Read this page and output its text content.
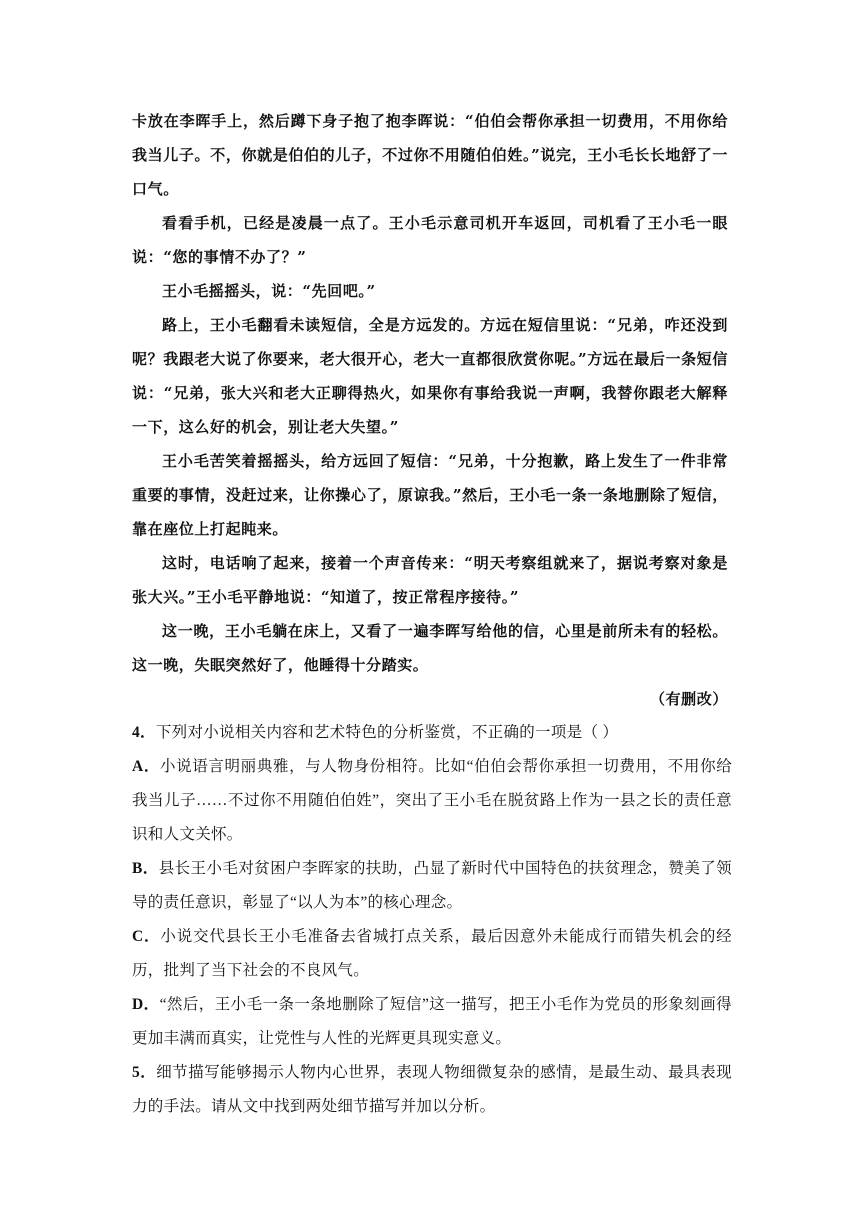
卡放在李晖手上，然后蹲下身子抱了抱李晖说：“伯伯会帮你承担一切费用，不用你给我当儿子。不，你就是伯伯的儿子，不过你不用随伯伯姓。”说完，王小毛长长地舒了一口气。

看看手机，已经是凌晨一点了。王小毛示意司机开车返回，司机看了王小毛一眼说：“您的事情不办了？”

王小毛摇摇头，说：“先回吧。”

路上，王小毛翻看未读短信，全是方远发的。方远在短信里说：“兄弟，咋还没到呢？我跟老大说了你要来，老大很开心，老大一直都很欣赏你呢。”方远在最后一条短信说：“兄弟，张大兴和老大正聊得热火，如果你有事给我说一声啊，我替你跟老大解释一下，这么好的机会，别让老大失望。”

王小毛苦笑着摇摇头，给方远回了短信：“兄弟，十分抱歉，路上发生了一件非常重要的事情，没赶过来，让你操心了，原谅我。”然后，王小毛一条一条地删除了短信，靠在座位上打起盹来。

这时，电话响了起来，接着一个声音传来：“明天考察组就来了，据说考察对象是张大兴。”王小毛平静地说：“知道了，按正常程序接待。”

这一晚，王小毛躺在床上，又看了一遍李晖写给他的信，心里是前所未有的轻松。这一晚，失眠突然好了，他睡得十分踏实。

（有删改）

4．下列对小说相关内容和艺术特色的分析鉴赏，不正确的一项是（ ）

A．小说语言明丽典雅，与人物身份相符。比如“伯伯会帮你承担一切费用，不用你给我当儿子……不过你不用随伯伯姓”，突出了王小毛在脱贫路上作为一县之长的责任意识和人文关怀。

B．县长王小毛对贫困户李晖家的扶助，凸显了新时代中国特色的扶贫理念，赞美了领导的责任意识，彰显了“以人为本”的核心理念。

C．小说交代县长王小毛准备去省城打点关系，最后因意外未能成行而错失机会的经历，批判了当下社会的不良风气。

D．“然后，王小毛一条一条地删除了短信”这一描写，把王小毛作为党员的形象刻画得更加丰满而真实，让党性与人性的光辉更具现实意义。

5．细节描写能够揭示人物内心世界，表现人物细微复杂的感情，是最生动、最具表现力的手法。请从文中找到两处细节描写并加以分析。
